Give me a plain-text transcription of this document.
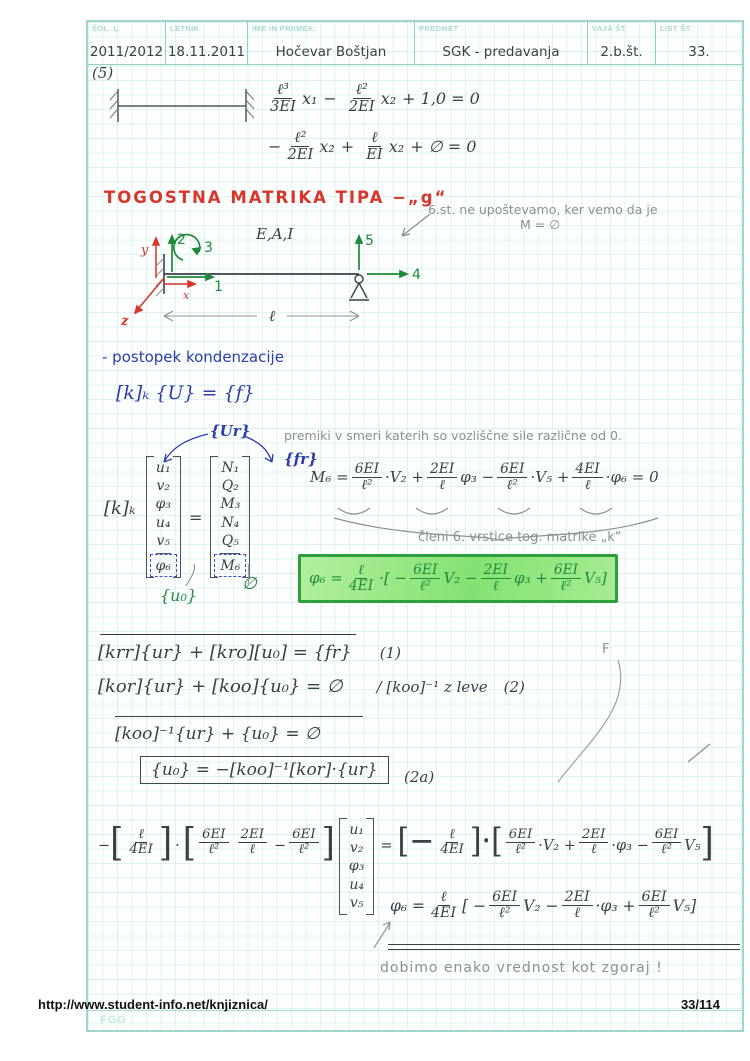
ŠOL. L.
2011/2012
LETNIK
18.11.2011
IME IN PRIIMEK:
Hočevar Boštjan
PREDMET
SGK - predavanja
VAJA ŠT.
2.b.št.
LIST ŠT.
33.
(5)
$\frac{\text{ℓ³}}{3EI} x_1 - \frac{\text{ℓ²}}{2EI} x_2 + 1,0 = 0$
− $\frac{\text{ℓ²}}{2EI} x_2 + \frac{\text{ℓ}}{EI} x_2$ + ∅ = 0
TOGOSTNA MATRIKA TIPA −„g“
6.st. ne upoštevamo, ker vemo da je
M = ∅
E,A,I
y
x
z
2 3
1
5
4
ℓ
- postopek kondenzacije
[k]ₖ {U} = {f}
{Ur}	premiki v smeri katerih so vozliščne sile različne od 0.
[k]ₖ
u₁
v₂
φ₃
u₄
v₅
φ₆
=
N₁
Q₂
M₃
N₄
Q₅
M₆
{fr}
{u₀}
∅
$M_6 = \frac{6EI}{\text{ℓ²}} \cdot V_2 + \frac{2EI}{\text{ℓ}} \varphi_3 - \frac{6EI}{\text{ℓ²}} \cdot V_5 + \frac{4EI}{\text{ℓ}} \cdot\varphi_6 = 0$
členi 6. vrstice tog. matrike „k“
$\varphi_6 = \frac{\text{ℓ}}{4EI}$ ·[ − $\frac{6EI}{\text{ℓ²}} V_2 - \frac{2EI}{\text{ℓ}} \varphi_3 + \frac{6EI}{\text{ℓ²}} V_5$ ]
[krr]{ur} + [kro][u₀] = {fr} (1)
[kor]{ur} + [koo]{u₀} = ∅ / [koo]⁻¹ z leve (2)
F
[koo]⁻¹{ur} + {u₀} = ∅
{u₀} = −[koo]⁻¹[kor]·{ur}	(2a)
− [ $\frac{\text{ℓ}}{4EI}$ ] · [ $\frac{6EI}{\text{ℓ²}} \frac{2EI}{\text{ℓ}} - \frac{6EI}{\text{ℓ²}}$ ] u₁
v₂
φ₃
u₄
v₅
= [− $\frac{\text{ℓ}}{4EI}$ ]·[ $\frac{6EI}{\text{ℓ²}} \cdot V_2 + \frac{2EI}{\text{ℓ}} \cdot\varphi_3 - \frac{6EI}{\text{ℓ²}} V_5$ ]
$\varphi_6 = \frac{\text{ℓ}}{4EI}$ [ − $\frac{6EI}{\text{ℓ²}} V_2 - \frac{2EI}{\text{ℓ}} \cdot\varphi_3 + \frac{6EI}{\text{ℓ²}} V_5$ ]
dobimo enako vrednost kot zgoraj !
FGG
http://www.student-info.net/knjiznica/	33/114
